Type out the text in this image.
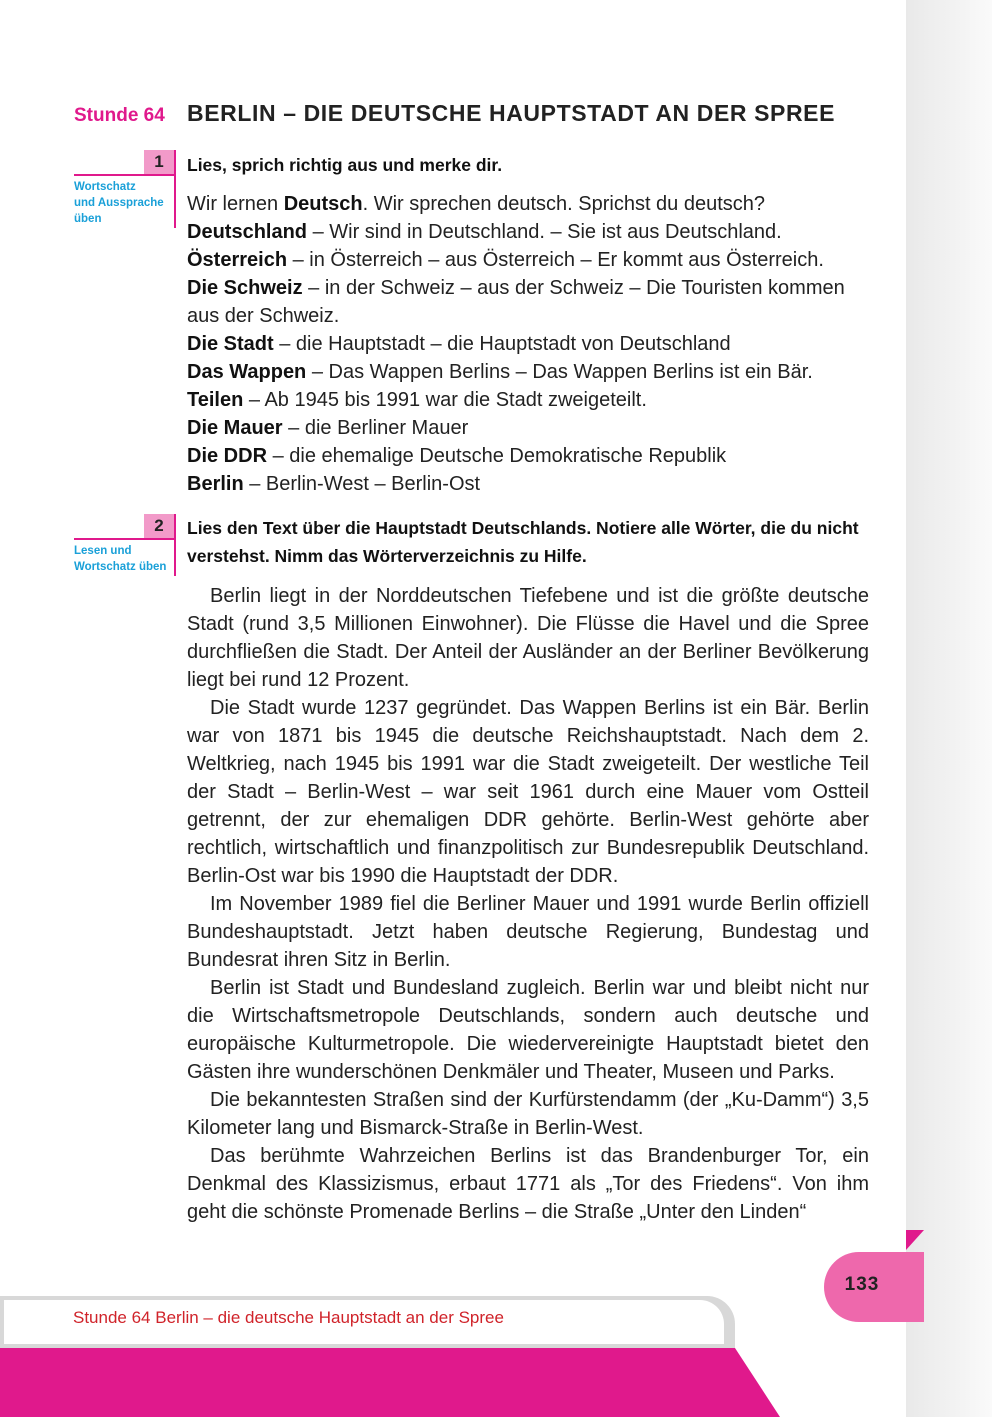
Stunde 64 BERLIN – DIE DEUTSCHE HAUPTSTADT AN DER SPREE
1
Wortschatz
und Aussprache
üben
Lies, sprich richtig aus und merke dir.
Wir lernen Deutsch. Wir sprechen deutsch. Sprichst du deutsch?
Deutschland – Wir sind in Deutschland. – Sie ist aus Deutschland.
Österreich – in Österreich – aus Österreich – Er kommt aus Österreich.
Die Schweiz – in der Schweiz – aus der Schweiz – Die Touristen kommen
aus der Schweiz.
Die Stadt – die Hauptstadt – die Hauptstadt von Deutschland
Das Wappen – Das Wappen Berlins – Das Wappen Berlins ist ein Bär.
Teilen – Ab 1945 bis 1991 war die Stadt zweigeteilt.
Die Mauer – die Berliner Mauer
Die DDR – die ehemalige Deutsche Demokratische Republik
Berlin – Berlin-West – Berlin-Ost
2
Lesen und
Wortschatz üben
Lies den Text über die Hauptstadt Deutschlands. Notiere alle Wörter, die du nicht verstehst. Nimm das Wörterverzeichnis zu Hilfe.

Berlin liegt in der Norddeutschen Tiefebene und ist die größte deutsche Stadt (rund 3,5 Millionen Einwohner). Die Flüsse die Havel und die Spree durchfließen die Stadt. Der Anteil der Ausländer an der Berliner Bevölkerung liegt bei rund 12 Prozent.

Die Stadt wurde 1237 gegründet. Das Wappen Berlins ist ein Bär. Berlin war von 1871 bis 1945 die deutsche Reichshauptstadt. Nach dem 2. Weltkrieg, nach 1945 bis 1991 war die Stadt zweigeteilt. Der westliche Teil der Stadt – Berlin-West – war seit 1961 durch eine Mauer vom Ostteil getrennt, der zur ehemaligen DDR gehörte. Berlin-West gehörte aber rechtlich, wirtschaftlich und finanzpolitisch zur Bundesrepublik Deutschland. Berlin-Ost war bis 1990 die Hauptstadt der DDR.

Im November 1989 fiel die Berliner Mauer und 1991 wurde Berlin offiziell Bundeshauptstadt. Jetzt haben deutsche Regierung, Bundestag und Bundesrat ihren Sitz in Berlin.

Berlin ist Stadt und Bundesland zugleich. Berlin war und bleibt nicht nur die Wirtschaftsmetropole Deutschlands, sondern auch deutsche und europäische Kulturmetropole. Die wiedervereinigte Hauptstadt bietet den Gästen ihre wunderschönen Denkmäler und Theater, Museen und Parks.

Die bekanntesten Straßen sind der Kurfürstendamm (der „Ku-Damm“) 3,5 Kilometer lang und Bismarck-Straße in Berlin-West.

Das berühmte Wahrzeichen Berlins ist das Brandenburger Tor, ein Denkmal des Klassizismus, erbaut 1771 als „Tor des Friedens“. Von ihm geht die schönste Promenade Berlins – die Straße „Unter den Linden“

133
Stunde 64 Berlin – die deutsche Hauptstadt an der Spree
